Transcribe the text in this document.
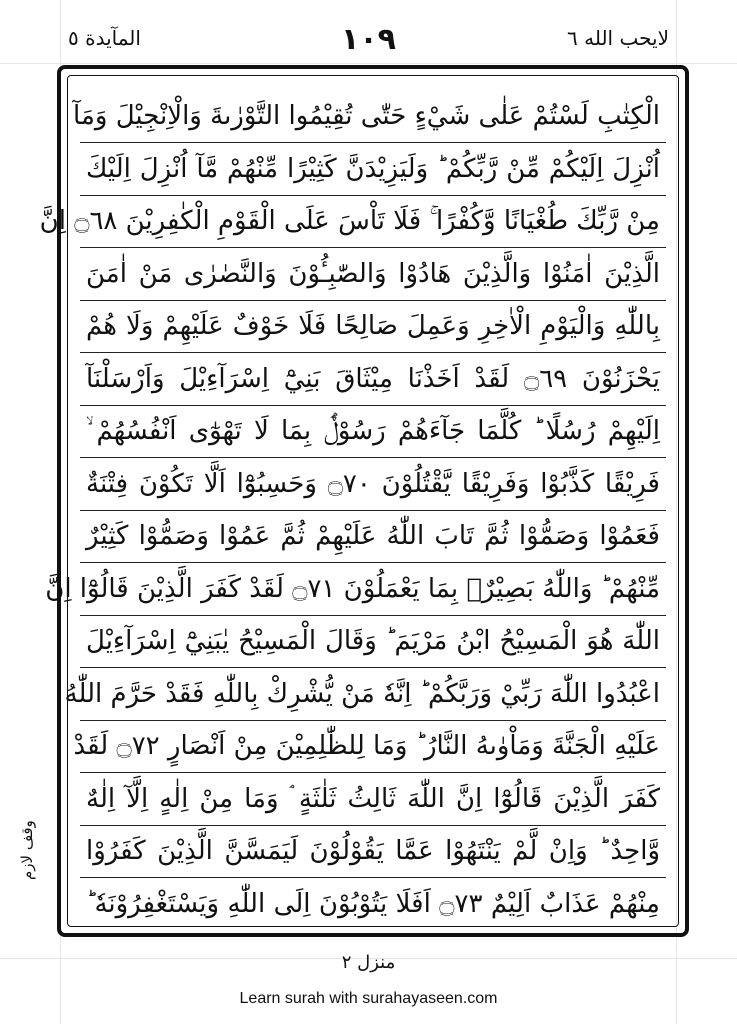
المآيدة ٥	١٠٩	لايحب الله ٦
الْكِتٰبِ لَسْتُمْ عَلٰى شَيْءٍ حَتّٰى تُقِيْمُوا التَّوْرٰىةَ وَالْاِنْجِيْلَ وَمَآ
اُنْزِلَ اِلَيْكُمْ مِّنْ رَّبِّكُمْ ؕ وَلَيَزِيْدَنَّ كَثِيْرًا مِّنْهُمْ مَّآ اُنْزِلَ اِلَيْكَ
مِنْ رَّبِّكَ طُغْيَانًا وَّكُفْرًا ۚ فَلَا تَاْسَ عَلَى الْقَوْمِ الْكٰفِرِيْنَ ۝٦٨ اِنَّ
الَّذِيْنَ اٰمَنُوْا وَالَّذِيْنَ هَادُوْا وَالصّٰبِـُٔوْنَ وَالنَّصٰرٰى مَنْ اٰمَنَ
بِاللّٰهِ وَالْيَوْمِ الْاٰخِرِ وَعَمِلَ صَالِحًا فَلَا خَوْفٌ عَلَيْهِمْ وَلَا هُمْ
يَحْزَنُوْنَ ۝٦٩ لَقَدْ اَخَذْنَا مِيْثَاقَ بَنِيْٓ اِسْرَآءِيْلَ وَاَرْسَلْنَآ
اِلَيْهِمْ رُسُلًا ؕ كُلَّمَا جَآءَهُمْ رَسُوْلٌۢ بِمَا لَا تَهْوٰٓى اَنْفُسُهُمْ ۙ
فَرِيْقًا كَذَّبُوْا وَفَرِيْقًا يَّقْتُلُوْنَ ۝٧٠ وَحَسِبُوْٓا اَلَّا تَكُوْنَ فِتْنَةٌ
فَعَمُوْا وَصَمُّوْا ثُمَّ تَابَ اللّٰهُ عَلَيْهِمْ ثُمَّ عَمُوْا وَصَمُّوْا كَثِيْرٌ
مِّنْهُمْ ؕ وَاللّٰهُ بَصِيْرٌۢ بِمَا يَعْمَلُوْنَ ۝٧١ لَقَدْ كَفَرَ الَّذِيْنَ قَالُوْٓا اِنَّ
اللّٰهَ هُوَ الْمَسِيْحُ ابْنُ مَرْيَمَ ؕ وَقَالَ الْمَسِيْحُ يٰبَنِيْٓ اِسْرَآءِيْلَ
اعْبُدُوا اللّٰهَ رَبِّيْ وَرَبَّكُمْ ؕ اِنَّهٗ مَنْ يُّشْرِكْ بِاللّٰهِ فَقَدْ حَرَّمَ اللّٰهُ
عَلَيْهِ الْجَنَّةَ وَمَاْوٰىهُ النَّارُ ؕ وَمَا لِلظّٰلِمِيْنَ مِنْ اَنْصَارٍ ۝٧٢ لَقَدْ
كَفَرَ الَّذِيْنَ قَالُوْٓا اِنَّ اللّٰهَ ثَالِثُ ثَلٰثَةٍ ۘ وَمَا مِنْ اِلٰهٍ اِلَّآ اِلٰهٌ
وَّاحِدٌ ؕ وَاِنْ لَّمْ يَنْتَهُوْا عَمَّا يَقُوْلُوْنَ لَيَمَسَّنَّ الَّذِيْنَ كَفَرُوْا
مِنْهُمْ عَذَابٌ اَلِيْمٌ ۝٧٣ اَفَلَا يَتُوْبُوْنَ اِلَى اللّٰهِ وَيَسْتَغْفِرُوْنَهٗ ؕ
وقف لازم
منزل ٢
Learn surah with surahayaseen.com
